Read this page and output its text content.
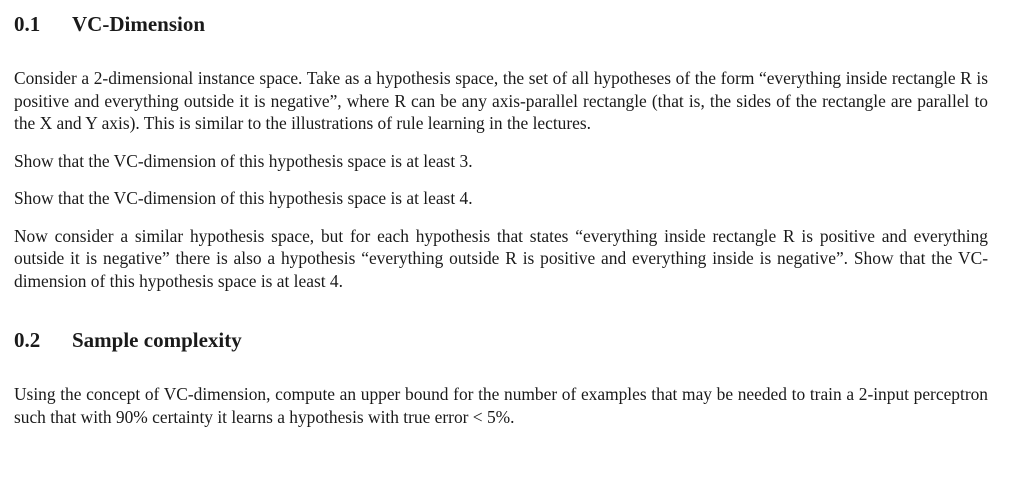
0.1	VC-Dimension

Consider a 2-dimensional instance space. Take as a hypothesis space, the set of all hypotheses of the form “everything inside rectangle R is positive and everything outside it is negative”, where R can be any axis-parallel rectangle (that is, the sides of the rectangle are parallel to the X and Y axis). This is similar to the illustrations of rule learning in the lectures.

Show that the VC-dimension of this hypothesis space is at least 3.

Show that the VC-dimension of this hypothesis space is at least 4.

Now consider a similar hypothesis space, but for each hypothesis that states “everything inside rectangle R is positive and everything outside it is negative” there is also a hypothesis “everything outside R is positive and everything inside is negative”. Show that the VC-dimension of this hypothesis space is at least 4.

0.2	Sample complexity

Using the concept of VC-dimension, compute an upper bound for the number of examples that may be needed to train a 2-input perceptron such that with 90% certainty it learns a hypothesis with true error < 5%.
